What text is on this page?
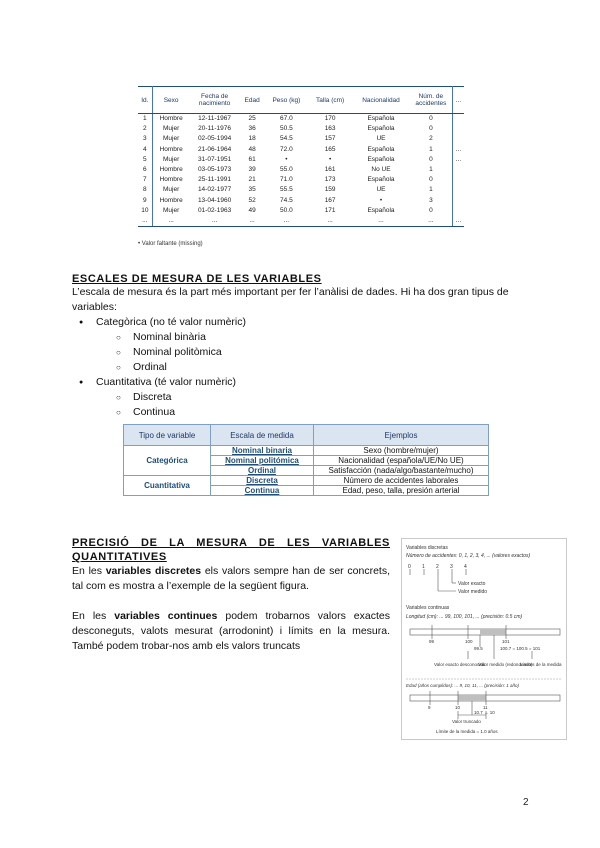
Id.	Sexo	Fecha de nacimiento	Edad	Peso (kg)	Talla (cm)	Nacionalidad	Núm. de accidentes	...
1	Hombre	12-11-1967	25	67.0	170	Española	0	
2	Mujer	20-11-1976	36	50.5	163	Española	0	
3	Mujer	02-05-1994	18	54.5	157	UE	2	
4	Hombre	21-06-1964	48	72.0	165	Española	1	...
5	Mujer	31-07-1951	61	•	•	Española	0	...
6	Hombre	03-05-1973	39	55.0	161	No UE	1	
7	Hombre	25-11-1991	21	71.0	173	Española	0	
8	Mujer	14-02-1977	35	55.5	159	UE	1	
9	Hombre	13-04-1960	52	74.5	167	•	3	
10	Mujer	01-02-1963	49	50.0	171	Española	0	
...	...	...	...	...	...	...	...	...
• Valor faltante (missing)
ESCALES DE MESURA DE LES VARIABLES
L’escala de mesura és la part més important per fer l’anàlisi de dades. Hi ha dos gran tipus de variables:
● Categòrica (no té valor numèric)
○ Nominal binària
○ Nominal politòmica
○ Ordinal
● Cuantitativa (té valor numèric)
○ Discreta
○ Continua
Tipo de variable	Escala de medida	Ejemplos
Categórica	Nominal binaria	Sexo (hombre/mujer)
	Nominal politómica	Nacionalidad (española/UE/No UE)
	Ordinal	Satisfacción (nada/algo/bastante/mucho)
Cuantitativa	Discreta	Número de accidentes laborales
	Continua	Edad, peso, talla, presión arterial
PRECISIÓ DE LA MESURA DE LES VARIABLES QUANTITATIVES
En les variables discretes els valors sempre han de ser concrets, tal com es mostra a l’exemple de la següent figura.
En les variables continues podem trobarnos valors exactes desconeguts, valots mesurat (arrodonint) i límits en la mesura. També podem trobar-nos amb els valors truncats
Variables discretas
Número de accidentes: 0, 1, 2, 3, 4, ... (valores exactos)
0 1 2 3 4
Valor exacto
Valor medido
Variables continuas
Longitud (cm): ... 99, 100, 101, ... (precisión: 0.5 cm)
99	100	101
99.5	100.7 = 100.5 = 101
Valor exacto desconocido
Valor medido (redondeado)
Límites de la medida
Edad (años cumplidos): ... 9, 10, 11, ... (precisión: 1 año)
9	10	11
10.7 → 10
Valor truncado
Límite de la medida = 1.0 años
2
